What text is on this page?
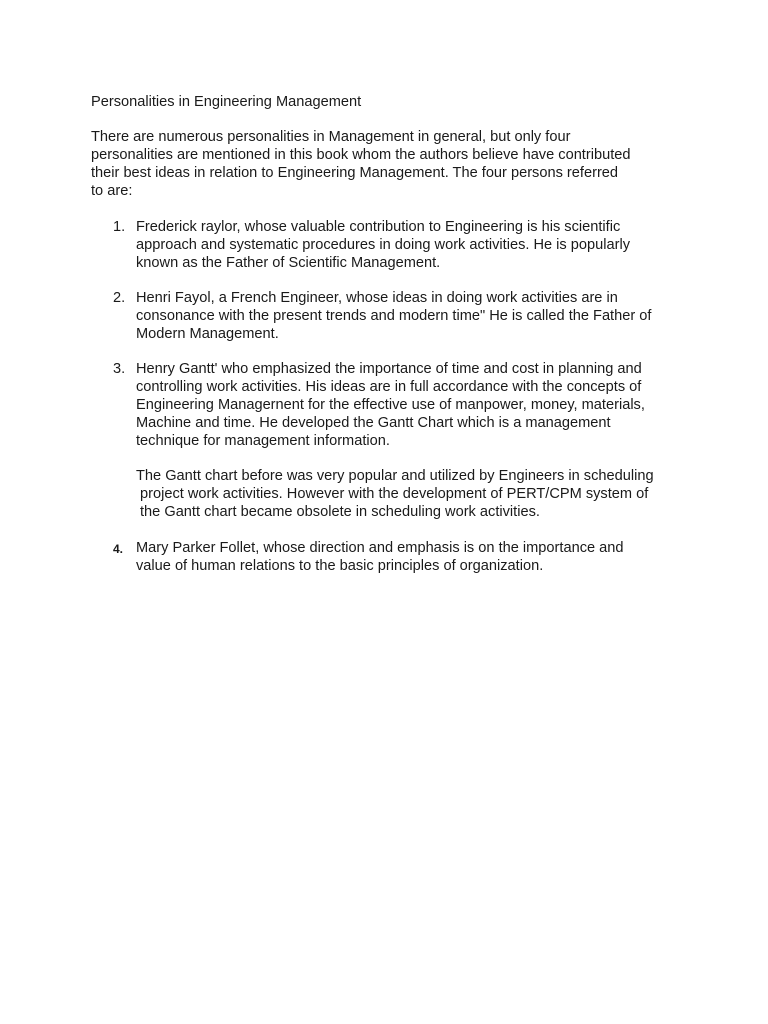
Personalities in Engineering Management
There are numerous personalities in Management in general, but only four
personalities are mentioned in this book whom the authors believe have contributed
their best ideas in relation to Engineering Management. The four persons referred
to are:
1. Frederick raylor, whose valuable contribution to Engineering is his scientific
approach and systematic procedures in doing work activities. He is popularly
known as the Father of Scientific Management.
2. Henri Fayol, a French Engineer, whose ideas in doing work activities are in
consonance with the present trends and modern time" He is called the Father of
Modern Management.
3. Henry Gantt' who emphasized the importance of time and cost in planning and
controlling work activities. His ideas are in full accordance with the concepts of
Engineering Managernent for the effective use of manpower, money, materials,
Machine and time. He developed the Gantt Chart which is a management
technique for management information.
The Gantt chart before was very popular and utilized by Engineers in scheduling
project work activities. However with the development of PERT/CPM system of
the Gantt chart became obsolete in scheduling work activities.
4. Mary Parker Follet, whose direction and emphasis is on the importance and
value of human relations to the basic principles of organization.
